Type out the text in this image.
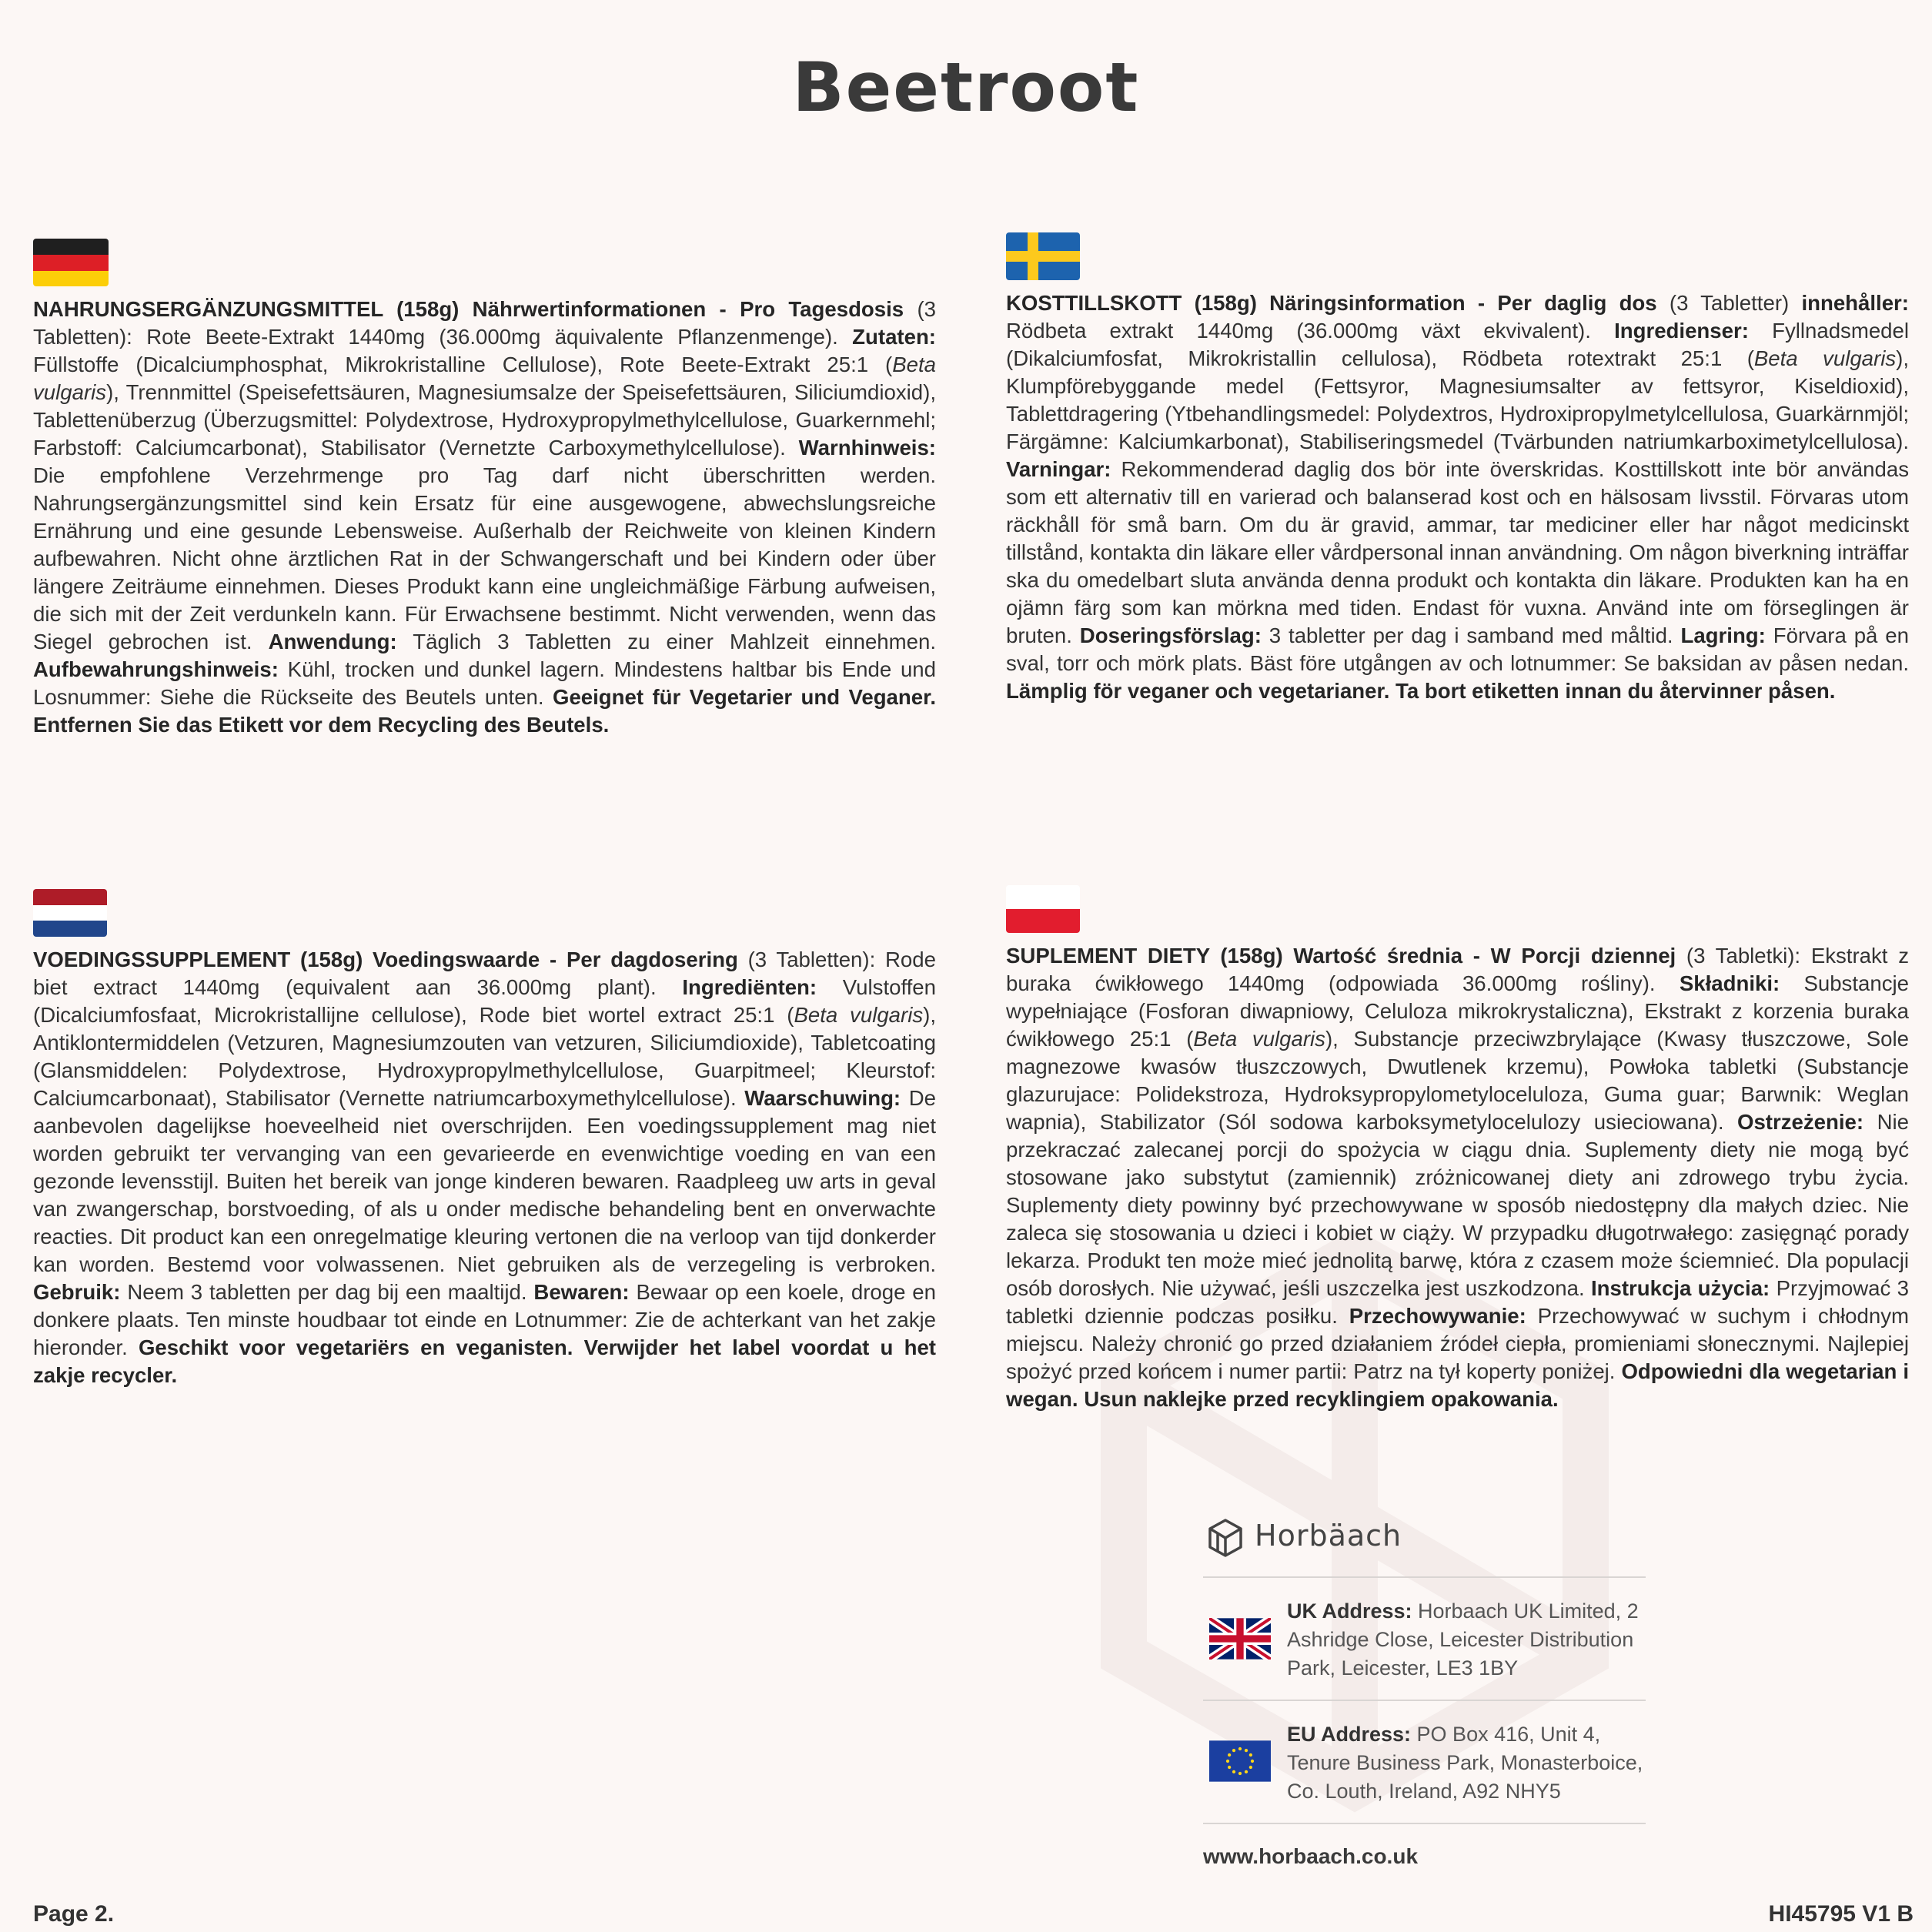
Beetroot
NAHRUNGSERGÄNZUNGSMITTEL (158g) Nährwertinformationen - Pro Tagesdosis (3 Tabletten): Rote Beete-Extrakt 1440mg (36.000mg äquivalente Pflanzenmenge). Zutaten: Füllstoffe (Dicalciumphosphat, Mikrokristalline Cellulose), Rote Beete-Extrakt 25:1 (Beta vulgaris), Trennmittel (Speisefettsäuren, Magnesiumsalze der Speisefettsäuren, Siliciumdioxid), Tablettenüberzug (Überzugsmittel: Polydextrose, Hydroxypropylmethylcellulose, Guarkernmehl; Farbstoff: Calciumcarbonat), Stabilisator (Vernetzte Carboxymethylcellulose). Warnhinweis: Die empfohlene Verzehrmenge pro Tag darf nicht überschritten werden. Nahrungsergänzungsmittel sind kein Ersatz für eine ausgewogene, abwechslungsreiche Ernährung und eine gesunde Lebensweise. Außerhalb der Reichweite von kleinen Kindern aufbewahren. Nicht ohne ärztlichen Rat in der Schwangerschaft und bei Kindern oder über längere Zeiträume einnehmen. Dieses Produkt kann eine ungleichmäßige Färbung aufweisen, die sich mit der Zeit verdunkeln kann. Für Erwachsene bestimmt. Nicht verwenden, wenn das Siegel gebrochen ist. Anwendung: Täglich 3 Tabletten zu einer Mahlzeit einnehmen. Aufbewahrungshinweis: Kühl, trocken und dunkel lagern. Mindestens haltbar bis Ende und Losnummer: Siehe die Rückseite des Beutels unten. Geeignet für Vegetarier und Veganer. Entfernen Sie das Etikett vor dem Recycling des Beutels.
KOSTTILLSKOTT (158g) Näringsinformation - Per daglig dos (3 Tabletter) innehåller: Rödbeta extrakt 1440mg (36.000mg växt ekvivalent). Ingredienser: Fyllnadsmedel (Dikalciumfosfat, Mikrokristallin cellulosa), Rödbeta rotextrakt 25:1 (Beta vulgaris), Klumpförebyggande medel (Fettsyror, Magnesiumsalter av fettsyror, Kiseldioxid), Tablettdragering (Ytbehandlingsmedel: Polydextros, Hydroxipropylmetylcellulosa, Guarkärnmjöl; Färgämne: Kalciumkarbonat), Stabiliseringsmedel (Tvärbunden natriumkarboximetylcellulosa). Varningar: Rekommenderad daglig dos bör inte överskridas. Kosttillskott inte bör användas som ett alternativ till en varierad och balanserad kost och en hälsosam livsstil. Förvaras utom räckhåll för små barn. Om du är gravid, ammar, tar mediciner eller har något medicinskt tillstånd, kontakta din läkare eller vårdpersonal innan användning. Om någon biverkning inträffar ska du omedelbart sluta använda denna produkt och kontakta din läkare. Produkten kan ha en ojämn färg som kan mörkna med tiden. Endast för vuxna. Använd inte om förseglingen är bruten. Doseringsförslag: 3 tabletter per dag i samband med måltid. Lagring: Förvara på en sval, torr och mörk plats. Bäst före utgången av och lotnummer: Se baksidan av påsen nedan. Lämplig för veganer och vegetarianer. Ta bort etiketten innan du återvinner påsen.
VOEDINGSSUPPLEMENT (158g) Voedingswaarde - Per dagdosering (3 Tabletten): Rode biet extract 1440mg (equivalent aan 36.000mg plant). Ingrediënten: Vulstoffen (Dicalciumfosfaat, Microkristallijne cellulose), Rode biet wortel extract 25:1 (Beta vulgaris), Antiklontermiddelen (Vetzuren, Magnesiumzouten van vetzuren, Siliciumdioxide), Tabletcoating (Glansmiddelen: Polydextrose, Hydroxypropylmethylcellulose, Guarpitmeel; Kleurstof: Calciumcarbonaat), Stabilisator (Vernette natriumcarboxymethylcellulose). Waarschuwing: De aanbevolen dagelijkse hoeveelheid niet overschrijden. Een voedingssupplement mag niet worden gebruikt ter vervanging van een gevarieerde en evenwichtige voeding en van een gezonde levensstijl. Buiten het bereik van jonge kinderen bewaren. Raadpleeg uw arts in geval van zwangerschap, borstvoeding, of als u onder medische behandeling bent en onverwachte reacties. Dit product kan een onregelmatige kleuring vertonen die na verloop van tijd donkerder kan worden. Bestemd voor volwassenen. Niet gebruiken als de verzegeling is verbroken. Gebruik: Neem 3 tabletten per dag bij een maaltijd. Bewaren: Bewaar op een koele, droge en donkere plaats. Ten minste houdbaar tot einde en Lotnummer: Zie de achterkant van het zakje hieronder. Geschikt voor vegetariërs en veganisten. Verwijder het label voordat u het zakje recycler.
SUPLEMENT DIETY (158g) Wartość średnia - W Porcji dziennej (3 Tabletki): Ekstrakt z buraka ćwikłowego 1440mg (odpowiada 36.000mg rośliny). Składniki: Substancje wypełniające (Fosforan diwapniowy, Celuloza mikrokrystaliczna), Ekstrakt z korzenia buraka ćwikłowego 25:1 (Beta vulgaris), Substancje przeciwzbrylające (Kwasy tłuszczowe, Sole magnezowe kwasów tłuszczowych, Dwutlenek krzemu), Powłoka tabletki (Substancje glazurujace: Polidekstroza, Hydroksypropylometyloceluloza, Guma guar; Barwnik: Weglan wapnia), Stabilizator (Sól sodowa karboksymetylocelulozy usieciowana). Ostrzeżenie: Nie przekraczać zalecanej porcji do spożycia w ciągu dnia. Suplementy diety nie mogą być stosowane jako substytut (zamiennik) zróżnicowanej diety ani zdrowego trybu życia. Suplementy diety powinny być przechowywane w sposób niedostępny dla małych dziec. Nie zaleca się stosowania u dzieci i kobiet w ciąży. W przypadku długotrwałego: zasięgnąć porady lekarza. Produkt ten może mieć jednolitą barwę, która z czasem może ściemnieć. Dla populacji osób dorosłych. Nie używać, jeśli uszczelka jest uszkodzona. Instrukcja użycia: Przyjmować 3 tabletki dziennie podczas posiłku. Przechowywanie: Przechowywać w suchym i chłodnym miejscu. Należy chronić go przed działaniem źródeł ciepła, promieniami słonecznymi. Najlepiej spożyć przed końcem i numer partii: Patrz na tył koperty poniżej. Odpowiedni dla wegetarian i wegan. Usun naklejke przed recyklingiem opakowania.
Horbäach
UK Address: Horbaach UK Limited, 2 Ashridge Close, Leicester Distribution Park, Leicester, LE3 1BY
EU Address: PO Box 416, Unit 4, Tenure Business Park, Monasterboice, Co. Louth, Ireland, A92 NHY5
www.horbaach.co.uk
Page 2.	HI45795 V1 B
